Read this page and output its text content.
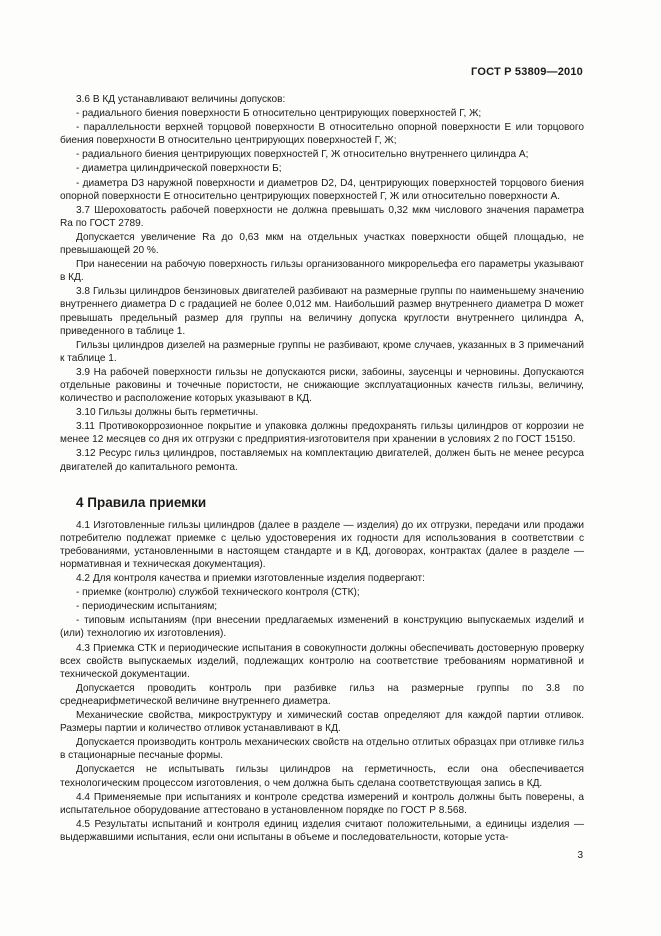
ГОСТ Р 53809—2010

3.6 В КД устанавливают величины допусков:

- радиального биения поверхности Б относительно центрирующих поверхностей Г, Ж;

- параллельности верхней торцовой поверхности В относительно опорной поверхности Е или торцового биения поверхности В относительно центрирующих поверхностей Г, Ж;

- радиального биения центрирующих поверхностей Г, Ж относительно внутреннего цилиндра А;

- диаметра цилиндрической поверхности Б;

- диаметра D3 наружной поверхности и диаметров D2, D4, центрирующих поверхностей торцового биения опорной поверхности Е относительно центрирующих поверхностей Г, Ж или относительно поверхности А.

3.7 Шероховатость рабочей поверхности не должна превышать 0,32 мкм числового значения параметра Ra по ГОСТ 2789.

Допускается увеличение Ra до 0,63 мкм на отдельных участках поверхности общей площадью, не превышающей 20 %.

При нанесении на рабочую поверхность гильзы организованного микрорельефа его параметры указывают в КД.

3.8 Гильзы цилиндров бензиновых двигателей разбивают на размерные группы по наименьшему значению внутреннего диаметра D с градацией не более 0,012 мм. Наибольший размер внутреннего диаметра D может превышать предельный размер для группы на величину допуска круглости внутреннего цилиндра А, приведенного в таблице 1.

Гильзы цилиндров дизелей на размерные группы не разбивают, кроме случаев, указанных в 3 примечаний к таблице 1.

3.9 На рабочей поверхности гильзы не допускаются риски, забоины, заусенцы и черновины. Допускаются отдельные раковины и точечные пористости, не снижающие эксплуатационных качеств гильзы, величину, количество и расположение которых указывают в КД.

3.10 Гильзы должны быть герметичны.

3.11 Противокоррозионное покрытие и упаковка должны предохранять гильзы цилиндров от коррозии не менее 12 месяцев со дня их отгрузки с предприятия-изготовителя при хранении в условиях 2 по ГОСТ 15150.

3.12 Ресурс гильз цилиндров, поставляемых на комплектацию двигателей, должен быть не менее ресурса двигателей до капитального ремонта.

4 Правила приемки

4.1 Изготовленные гильзы цилиндров (далее в разделе — изделия) до их отгрузки, передачи или продажи потребителю подлежат приемке с целью удостоверения их годности для использования в соответствии с требованиями, установленными в настоящем стандарте и в КД, договорах, контрактах (далее в разделе — нормативная и техническая документация).

4.2 Для контроля качества и приемки изготовленные изделия подвергают:

- приемке (контролю) службой технического контроля (СТК);

- периодическим испытаниям;

- типовым испытаниям (при внесении предлагаемых изменений в конструкцию выпускаемых изделий и (или) технологию их изготовления).

4.3 Приемка СТК и периодические испытания в совокупности должны обеспечивать достоверную проверку всех свойств выпускаемых изделий, подлежащих контролю на соответствие требованиям нормативной и технической документации.

Допускается проводить контроль при разбивке гильз на размерные группы по 3.8 по среднеарифметической величине внутреннего диаметра.

Механические свойства, микроструктуру и химический состав определяют для каждой партии отливок. Размеры партии и количество отливок устанавливают в КД.

Допускается производить контроль механических свойств на отдельно отлитых образцах при отливке гильз в стационарные песчаные формы.

Допускается не испытывать гильзы цилиндров на герметичность, если она обеспечивается технологическим процессом изготовления, о чем должна быть сделана соответствующая запись в КД.

4.4 Применяемые при испытаниях и контроле средства измерений и контроль должны быть поверены, а испытательное оборудование аттестовано в установленном порядке по ГОСТ Р 8.568.

4.5 Результаты испытаний и контроля единиц изделия считают положительными, а единицы изделия — выдержавшими испытания, если они испытаны в объеме и последовательности, которые уста-

3
